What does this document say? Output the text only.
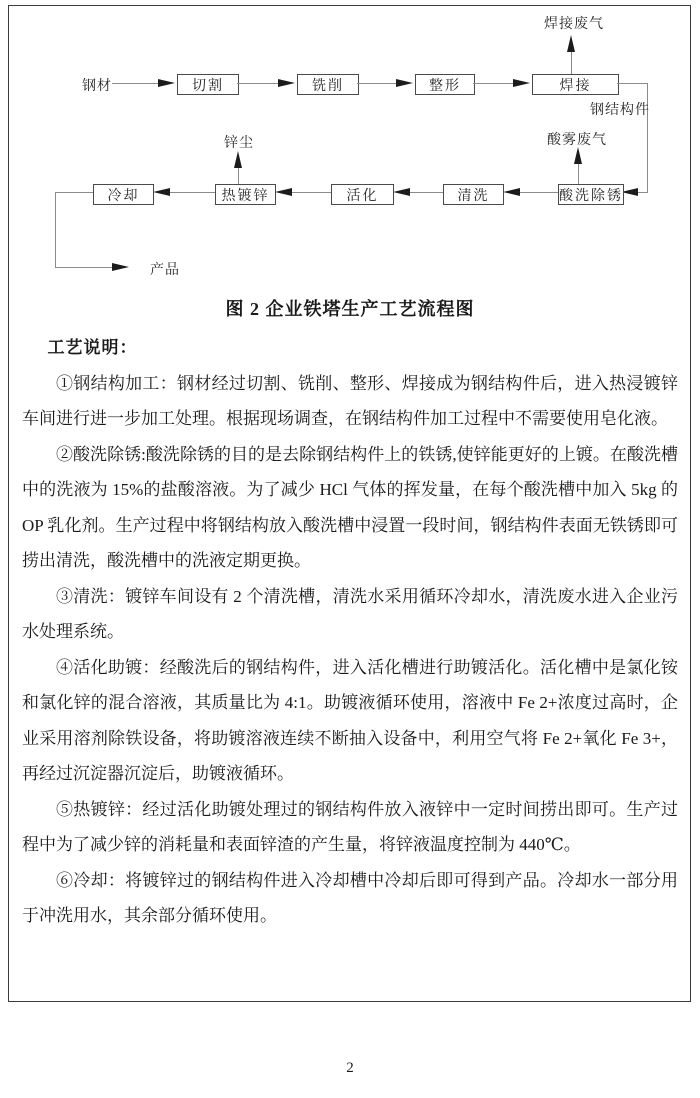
钢材	切割	铣削	整形	焊接
焊接废气
钢结构件
酸雾废气
锌尘
冷却	热镀锌	活化	清洗	酸洗除锈
产品
图 2 企业铁塔生产工艺流程图

工艺说明：

①钢结构加工：钢材经过切割、铣削、整形、焊接成为钢结构件后，进入热浸镀锌车间进行进一步加工处理。根据现场调查，在钢结构件加工过程中不需要使用皂化液。

②酸洗除锈:酸洗除锈的目的是去除钢结构件上的铁锈,使锌能更好的上镀。在酸洗槽中的洗液为 15%的盐酸溶液。为了减少 HCl 气体的挥发量，在每个酸洗槽中加入 5kg 的 OP 乳化剂。生产过程中将钢结构放入酸洗槽中浸置一段时间，钢结构件表面无铁锈即可捞出清洗，酸洗槽中的洗液定期更换。

③清洗：镀锌车间设有 2 个清洗槽，清洗水采用循环冷却水，清洗废水进入企业污水处理系统。

④活化助镀：经酸洗后的钢结构件，进入活化槽进行助镀活化。活化槽中是氯化铵和氯化锌的混合溶液，其质量比为 4:1。助镀液循环使用，溶液中 Fe 2+浓度过高时，企业采用溶剂除铁设备，将助镀溶液连续不断抽入设备中，利用空气将 Fe 2+氧化 Fe 3+，再经过沉淀器沉淀后，助镀液循环。

⑤热镀锌：经过活化助镀处理过的钢结构件放入液锌中一定时间捞出即可。生产过程中为了减少锌的消耗量和表面锌渣的产生量，将锌液温度控制为 440℃。

⑥冷却：将镀锌过的钢结构件进入冷却槽中冷却后即可得到产品。冷却水一部分用于冲洗用水，其余部分循环使用。

2
